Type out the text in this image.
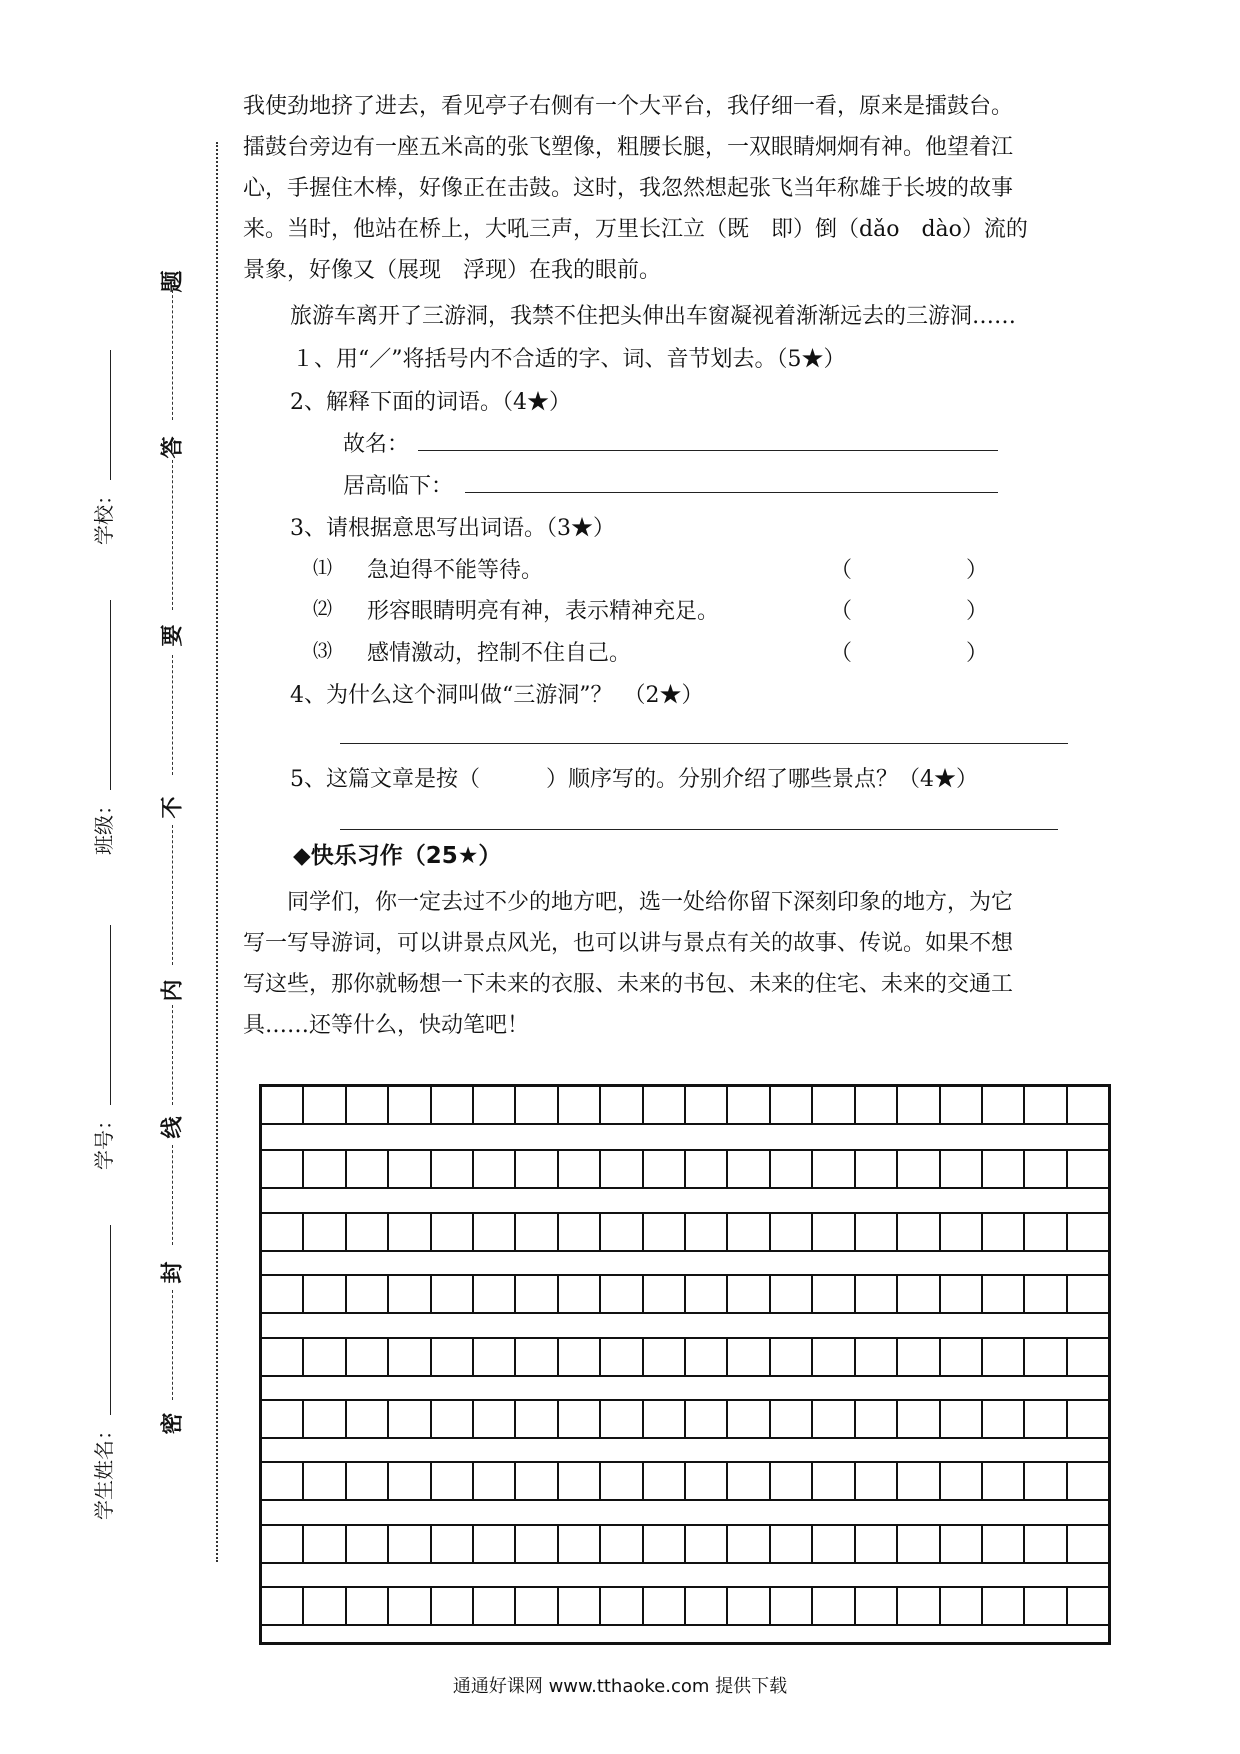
学校：
班级：
学号：
学生姓名：
题
答
要
不
内
线
封
密
我使劲地挤了进去，看见亭子右侧有一个大平台，我仔细一看，原来是擂鼓台。
擂鼓台旁边有一座五米高的张飞塑像，粗腰长腿，一双眼睛炯炯有神。他望着江
心，手握住木棒，好像正在击鼓。这时，我忽然想起张飞当年称雄于长坡的故事
来。当时，他站在桥上，大吼三声，万里长江立（既　即）倒（dǎo　dào）流的
景象，好像又（展现　浮现）在我的眼前。
旅游车离开了三游洞，我禁不住把头伸出车窗凝视着渐渐远去的三游洞……
１、用“／”将括号内不合适的字、词、音节划去。（5★）
2、解释下面的词语。（4★）
故名：
居高临下：
3、请根据意思写出词语。（3★）
⑴ 急迫得不能等待。	（	）
⑵ 形容眼睛明亮有神，表示精神充足。	（	）
⑶ 感情激动，控制不住自己。	（	）
4、为什么这个洞叫做“三游洞”？　（2★）
5、这篇文章是按（　　　）顺序写的。分别介绍了哪些景点？（4★）
◆快乐习作（25★）
同学们，你一定去过不少的地方吧，选一处给你留下深刻印象的地方，为它
写一写导游词，可以讲景点风光，也可以讲与景点有关的故事、传说。如果不想
写这些，那你就畅想一下未来的衣服、未来的书包、未来的住宅、未来的交通工
具……还等什么，快动笔吧！
通通好课网 www.tthaoke.com 提供下载
